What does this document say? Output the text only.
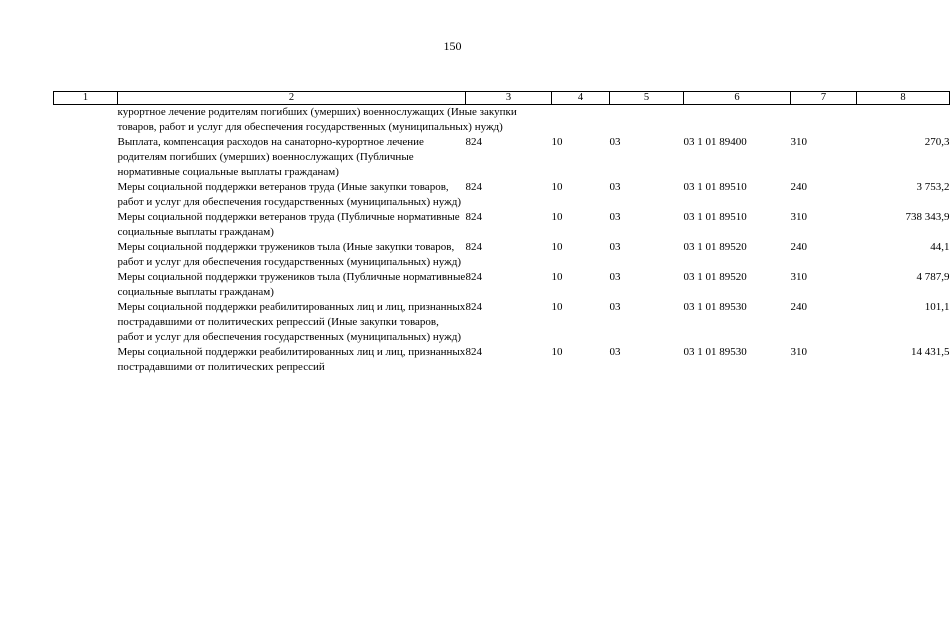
150
1	2	3	4	5	6	7	8
	курортное лечение родителям погибших (умерших) военнослужащих (Иные закупки товаров, работ и услуг для обеспечения государственных (муниципальных) нужд)						
	Выплата, компенсация расходов на санаторно-курортное лечение родителям погибших (умерших) военнослужащих (Публичные нормативные социальные выплаты гражданам)	824	10	03	03 1 01 89400	310	270,3
	Меры социальной поддержки ветеранов труда (Иные закупки товаров, работ и услуг для обеспечения государственных (муниципальных) нужд)	824	10	03	03 1 01 89510	240	3 753,2
	Меры социальной поддержки ветеранов труда (Публичные нормативные социальные выплаты гражданам)	824	10	03	03 1 01 89510	310	738 343,9
	Меры социальной поддержки тружеников тыла (Иные закупки товаров, работ и услуг для обеспечения государственных (муниципальных) нужд)	824	10	03	03 1 01 89520	240	44,1
	Меры социальной поддержки тружеников тыла (Публичные нормативные социальные выплаты гражданам)	824	10	03	03 1 01 89520	310	4 787,9
	Меры социальной поддержки реабилитированных лиц и лиц, признанных пострадавшими от политических репрессий (Иные закупки товаров, работ и услуг для обеспечения государственных (муниципальных) нужд)	824	10	03	03 1 01 89530	240	101,1
	Меры социальной поддержки реабилитированных лиц и лиц, признанных пострадавшими от политических репрессий	824	10	03	03 1 01 89530	310	14 431,5
